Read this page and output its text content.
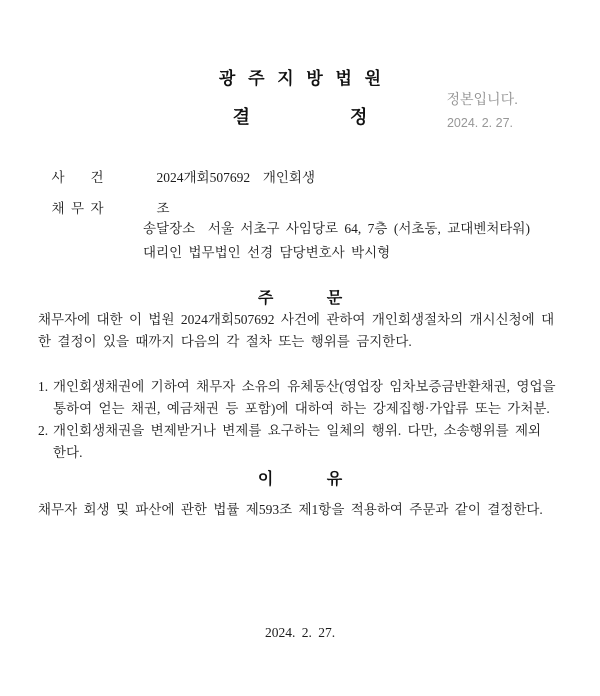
광 주 지 방 법 원
결 정
정본입니다.
2024. 2. 27.

사 건	2024개회507692  개인회생

채 무 자	조

송달장소  서울 서초구 사임당로 64, 7층 (서초동, 교대벤처타워)
대리인 법무법인 선경 담당변호사 박시형
주 문
채무자에 대한 이 법원 2024개회507692 사건에 관하여 개인회생절차의 개시신청에 대
한 결정이 있을 때까지 다음의 각 절차 또는 행위를 금지한다.
1. 개인회생채권에 기하여 채무자 소유의 유체동산(영업장 임차보증금반환채권, 영업을
통하여 얻는 채권, 예금채권 등 포함)에 대하여 하는 강제집행·가압류 또는 가처분.
2. 개인회생채권을 변제받거나 변제를 요구하는 일체의 행위. 다만, 소송행위를 제외
한다.
이 유
채무자 회생 및 파산에 관한 법률 제593조 제1항을 적용하여 주문과 같이 결정한다.
2024. 2. 27.
